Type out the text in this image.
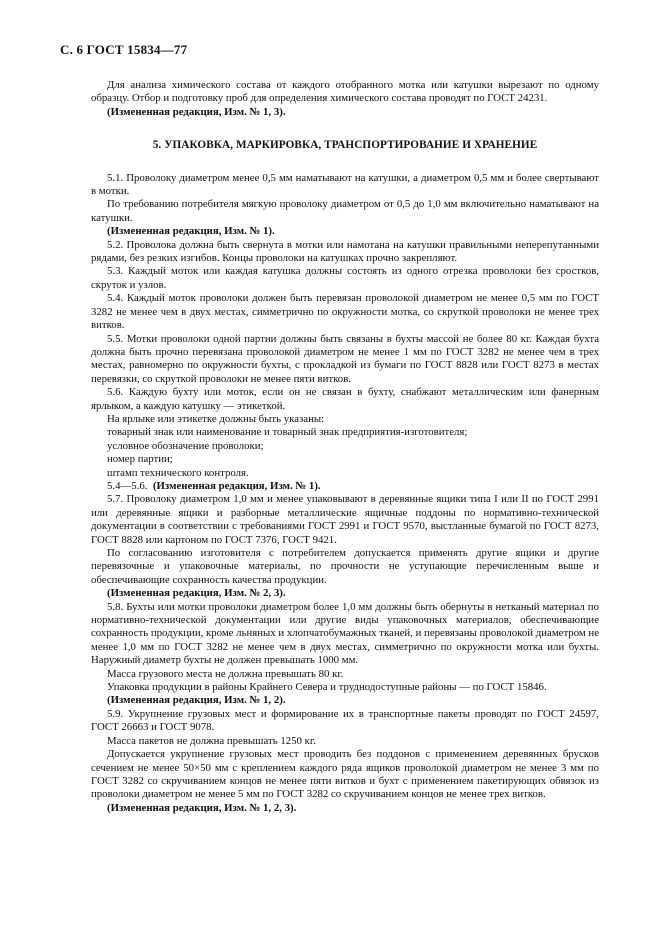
С. 6 ГОСТ 15834—77

Для анализа химического состава от каждого отобранного мотка или катушки вырезают по одному образцу. Отбор и подготовку проб для определения химического состава проводят по ГОСТ 24231.

(Измененная редакция, Изм. № 1, 3).

5. УПАКОВКА, МАРКИРОВКА, ТРАНСПОРТИРОВАНИЕ И ХРАНЕНИЕ

5.1. Проволоку диаметром менее 0,5 мм наматывают на катушки, а диаметром 0,5 мм и более свертывают в мотки.

По требованию потребителя мягкую проволоку диаметром от 0,5 до 1,0 мм включительно наматывают на катушки.

(Измененная редакция, Изм. № 1).

5.2. Проволока должна быть свернута в мотки или намотана на катушки правильными неперепутанными рядами, без резких изгибов. Концы проволоки на катушках прочно закрепляют.

5.3. Каждый моток или каждая катушка должны состоять из одного отрезка проволоки без сростков, скруток и узлов.

5.4. Каждый моток проволоки должен быть перевязан проволокой диаметром не менее 0,5 мм по ГОСТ 3282 не менее чем в двух местах, симметрично по окружности мотка, со скруткой проволоки не менее трех витков.

5.5. Мотки проволоки одной партии должны быть связаны в бухты массой не более 80 кг. Каждая бухта должна быть прочно перевязана проволокой диаметром не менее 1 мм по ГОСТ 3282 не менее чем в трех местах, равномерно по окружности бухты, с прокладкой из бумаги по ГОСТ 8828 или ГОСТ 8273 в местах перевязки, со скруткой проволоки не менее пяти витков.

5.6. Каждую бухту или моток, если он не связан в бухту, снабжают металлическим или фанерным ярлыком, а каждую катушку — этикеткой.

На ярлыке или этикетке должны быть указаны:

товарный знак или наименование и товарный знак предприятия-изготовителя;

условное обозначение проволоки;

номер партии;

штамп технического контроля.

5.4—5.6. (Измененная редакция, Изм. № 1).

5.7. Проволоку диаметром 1,0 мм и менее упаковывают в деревянные ящики типа I или II по ГОСТ 2991 или деревянные ящики и разборные металлические ящичные поддоны по нормативно-технической документации в соответствии с требованиями ГОСТ 2991 и ГОСТ 9570, выстланные бумагой по ГОСТ 8273, ГОСТ 8828 или картоном по ГОСТ 7376, ГОСТ 9421.

По согласованию изготовителя с потребителем допускается применять другие ящики и другие перевязочные и упаковочные материалы, по прочности не уступающие перечисленным выше и обеспечивающие сохранность качества продукции.

(Измененная редакция, Изм. № 2, 3).

5.8. Бухты или мотки проволоки диаметром более 1,0 мм должны быть обернуты в нетканый материал по нормативно-технической документации или другие виды упаковочных материалов, обеспечивающие сохранность продукции, кроме льняных и хлопчатобумажных тканей, и перевязаны проволокой диаметром не менее 1,0 мм по ГОСТ 3282 не менее чем в двух местах, симметрично по окружности мотка или бухты. Наружный диаметр бухты не должен превышать 1000 мм.

Масса грузового места не должна превышать 80 кг.

Упаковка продукции в районы Крайнего Севера и труднодоступные районы — по ГОСТ 15846.

(Измененная редакция, Изм. № 1, 2).

5.9. Укрупнение грузовых мест и формирование их в транспортные пакеты проводят по ГОСТ 24597, ГОСТ 26663 и ГОСТ 9078.

Масса пакетов не должна превышать 1250 кг.

Допускается укрупнение грузовых мест проводить без поддонов с применением деревянных брусков сечением не менее 50×50 мм с креплением каждого ряда ящиков проволокой диаметром не менее 3 мм по ГОСТ 3282 со скручиванием концов не менее пяти витков и бухт с применением пакетирующих обвязок из проволоки диаметром не менее 5 мм по ГОСТ 3282 со скручиванием концов не менее трех витков.

(Измененная редакция, Изм. № 1, 2, 3).
